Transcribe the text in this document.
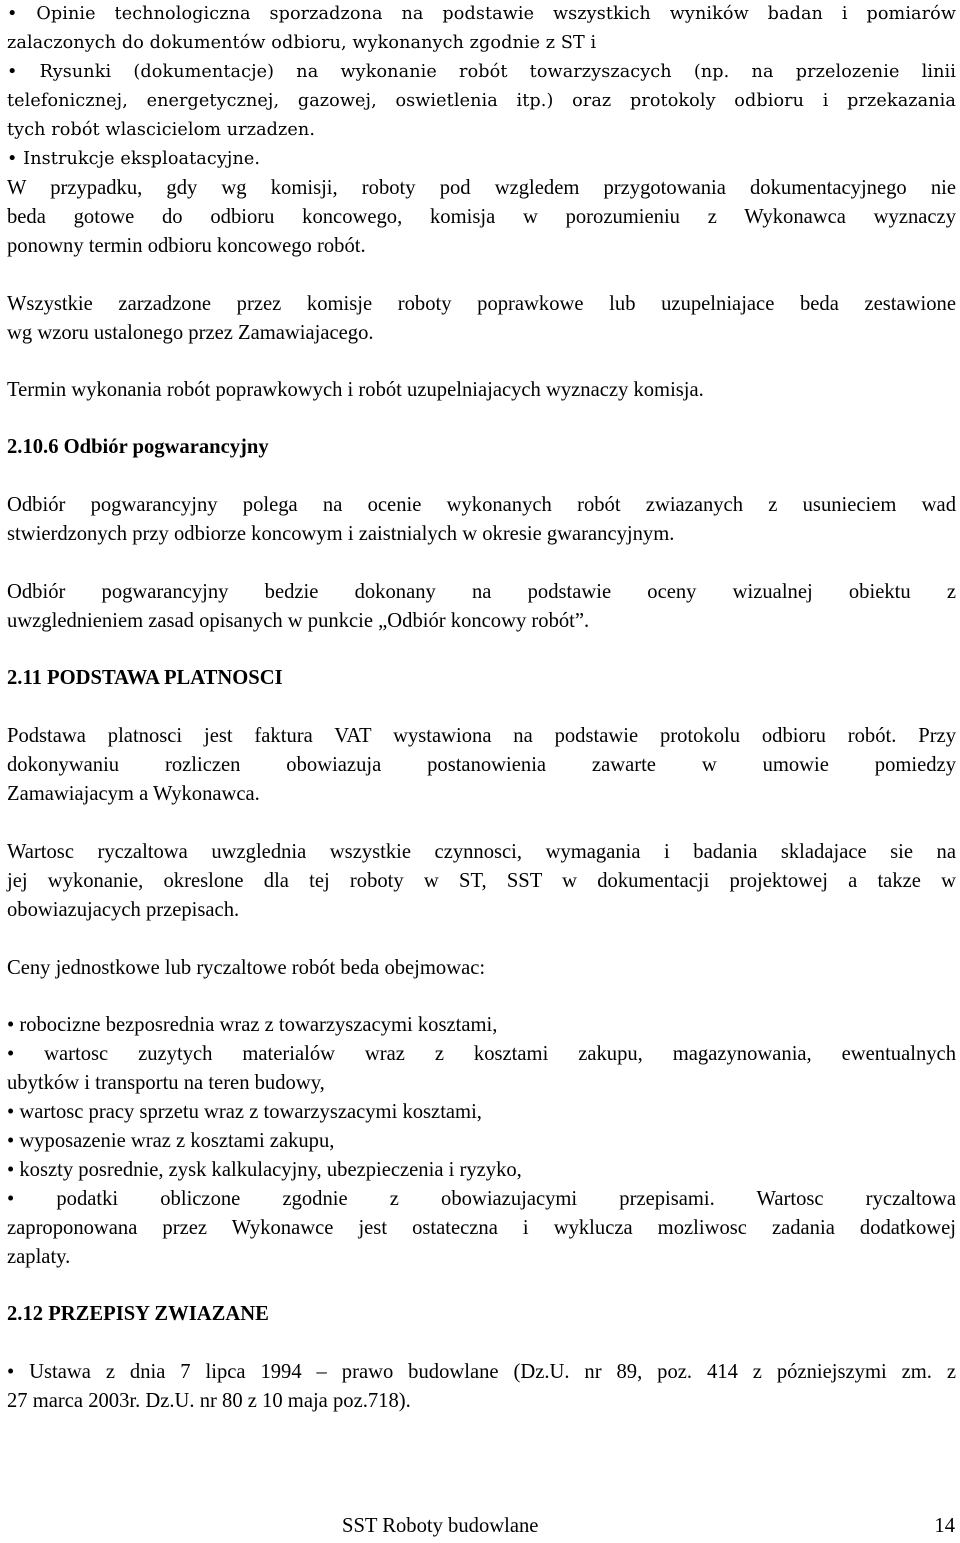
• Opinie technologiczna sporzadzona na podstawie wszystkich wyników badan i pomiarów
zalaczonych do dokumentów odbioru, wykonanych zgodnie z ST i
• Rysunki (dokumentacje) na wykonanie robót towarzyszacych (np. na przelozenie linii
telefonicznej, energetycznej, gazowej, oswietlenia itp.) oraz protokoly odbioru i przekazania
tych robót wlascicielom urzadzen.
• Instrukcje eksploatacyjne.
W przypadku, gdy wg komisji, roboty pod wzgledem przygotowania dokumentacyjnego nie
beda gotowe do odbioru koncowego, komisja w porozumieniu z Wykonawca wyznaczy
ponowny termin odbioru koncowego robót.
Wszystkie zarzadzone przez komisje roboty poprawkowe lub uzupelniajace beda zestawione
wg wzoru ustalonego przez Zamawiajacego.
Termin wykonania robót poprawkowych i robót uzupelniajacych wyznaczy komisja.
2.10.6 Odbiór pogwarancyjny
Odbiór pogwarancyjny polega na ocenie wykonanych robót zwiazanych z usunieciem wad
stwierdzonych przy odbiorze koncowym i zaistnialych w okresie gwarancyjnym.
Odbiór pogwarancyjny bedzie dokonany na podstawie oceny wizualnej obiektu z
uwzglednieniem zasad opisanych w punkcie „Odbiór koncowy robót”.
2.11 PODSTAWA PLATNOSCI
Podstawa platnosci jest faktura VAT wystawiona na podstawie protokolu odbioru robót. Przy
dokonywaniu rozliczen obowiazuja postanowienia zawarte w umowie pomiedzy
Zamawiajacym a Wykonawca.
Wartosc ryczaltowa uwzglednia wszystkie czynnosci, wymagania i badania skladajace sie na
jej wykonanie, okreslone dla tej roboty w ST, SST w dokumentacji projektowej a takze w
obowiazujacych przepisach.
Ceny jednostkowe lub ryczaltowe robót beda obejmowac:
• robocizne bezposrednia wraz z towarzyszacymi kosztami,
• wartosc zuzytych materialów wraz z kosztami zakupu, magazynowania, ewentualnych
ubytków i transportu na teren budowy,
• wartosc pracy sprzetu wraz z towarzyszacymi kosztami,
• wyposazenie wraz z kosztami zakupu,
• koszty posrednie, zysk kalkulacyjny, ubezpieczenia i ryzyko,
• podatki obliczone zgodnie z obowiazujacymi przepisami. Wartosc ryczaltowa
zaproponowana przez Wykonawce jest ostateczna i wyklucza mozliwosc zadania dodatkowej
zaplaty.
2.12 PRZEPISY ZWIAZANE
• Ustawa z dnia 7 lipca 1994 – prawo budowlane (Dz.U. nr 89, poz. 414 z pózniejszymi zm. z
27 marca 2003r. Dz.U. nr 80 z 10 maja poz.718).
SST Roboty budowlane	14
